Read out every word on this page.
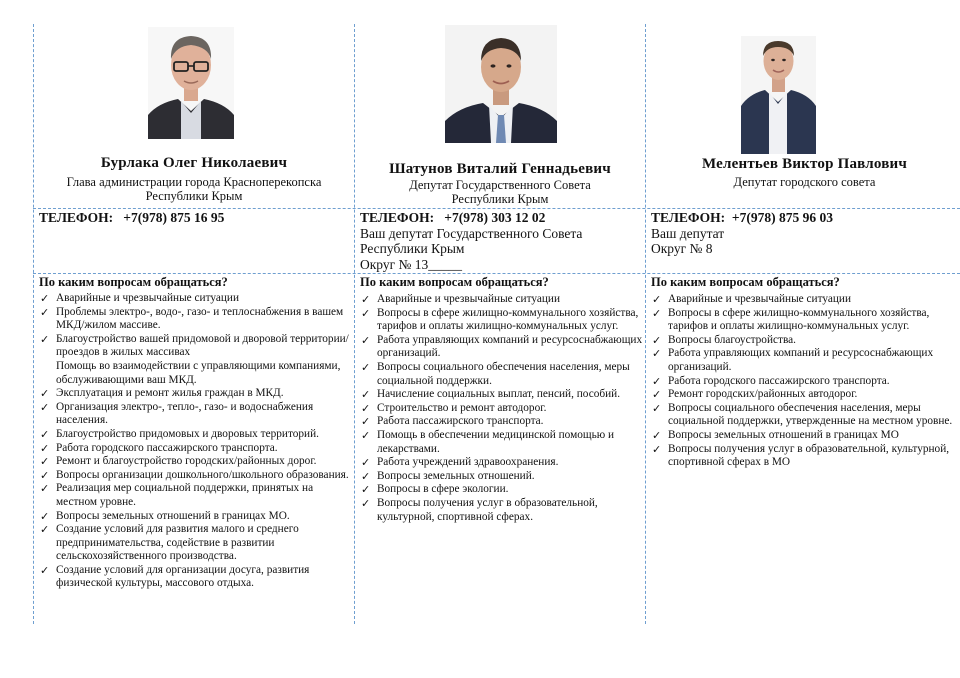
Бурлака Олег Николаевич
Глава администрации города Красноперекопска
Республики Крым
ТЕЛЕФОН: +7(978) 875 16 95
По каким вопросам обращаться?
✓ Аварийные и чрезвычайные ситуации
✓ Проблемы электро-, водо-, газо- и теплоснабжения в вашем МКД/жилом массиве.
✓ Благоустройство вашей придомовой и дворовой территории/проездов в жилых массивах
Помощь во взаимодействии с управляющими компаниями, обслуживающими ваш МКД.
✓ Эксплуатация и ремонт жилья граждан в МКД.
✓ Организация электро-, тепло-, газо- и водоснабжения населения.
✓ Благоустройство придомовых и дворовых территорий.
✓ Работа городского пассажирского транспорта.
✓ Ремонт и благоустройство городских/районных дорог.
✓ Вопросы организации дошкольного/школьного образования.
✓ Реализация мер социальной поддержки, принятых на местном уровне.
✓ Вопросы земельных отношений в границах МО.
✓ Создание условий для развития малого и среднего предпринимательства, содействие в развитии сельскохозяйственного производства.
✓ Создание условий для организации досуга, развития физической культуры, массового отдыха.
Шатунов Виталий Геннадьевич
Депутат Государственного Совета
Республики Крым
ТЕЛЕФОН: +7(978) 303 12 02
Ваш депутат Государственного Совета
Республики Крым
Округ № 13_____
По каким вопросам обращаться?
✓ Аварийные и чрезвычайные ситуации
✓ Вопросы в сфере жилищно-коммунального хозяйства, тарифов и оплаты жилищно-коммунальных услуг.
✓ Работа управляющих компаний и ресурсоснабжающих организаций.
✓ Вопросы социального обеспечения населения, меры социальной поддержки.
✓ Начисление социальных выплат, пенсий, пособий.
✓ Строительство и ремонт автодорог.
✓ Работа пассажирского транспорта.
✓ Помощь в обеспечении медицинской помощью и лекарствами.
✓ Работа учреждений здравоохранения.
✓ Вопросы земельных отношений.
✓ Вопросы в сфере экологии.
✓ Вопросы получения услуг в образовательной, культурной, спортивной сферах.
Мелентьев Виктор Павлович
Депутат городского совета
ТЕЛЕФОН: +7(978) 875 96 03
Ваш депутат
Округ № 8
По каким вопросам обращаться?
✓ Аварийные и чрезвычайные ситуации
✓ Вопросы в сфере жилищно-коммунального хозяйства, тарифов и оплаты жилищно-коммунальных услуг.
✓ Вопросы благоустройства.
✓ Работа управляющих компаний и ресурсоснабжающих организаций.
✓ Работа городского пассажирского транспорта.
✓ Ремонт городских/районных автодорог.
✓ Вопросы социального обеспечения населения, меры социальной поддержки, утвержденные на местном уровне.
✓ Вопросы земельных отношений в границах МО
✓ Вопросы получения услуг в образовательной, культурной, спортивной сферах в МО
